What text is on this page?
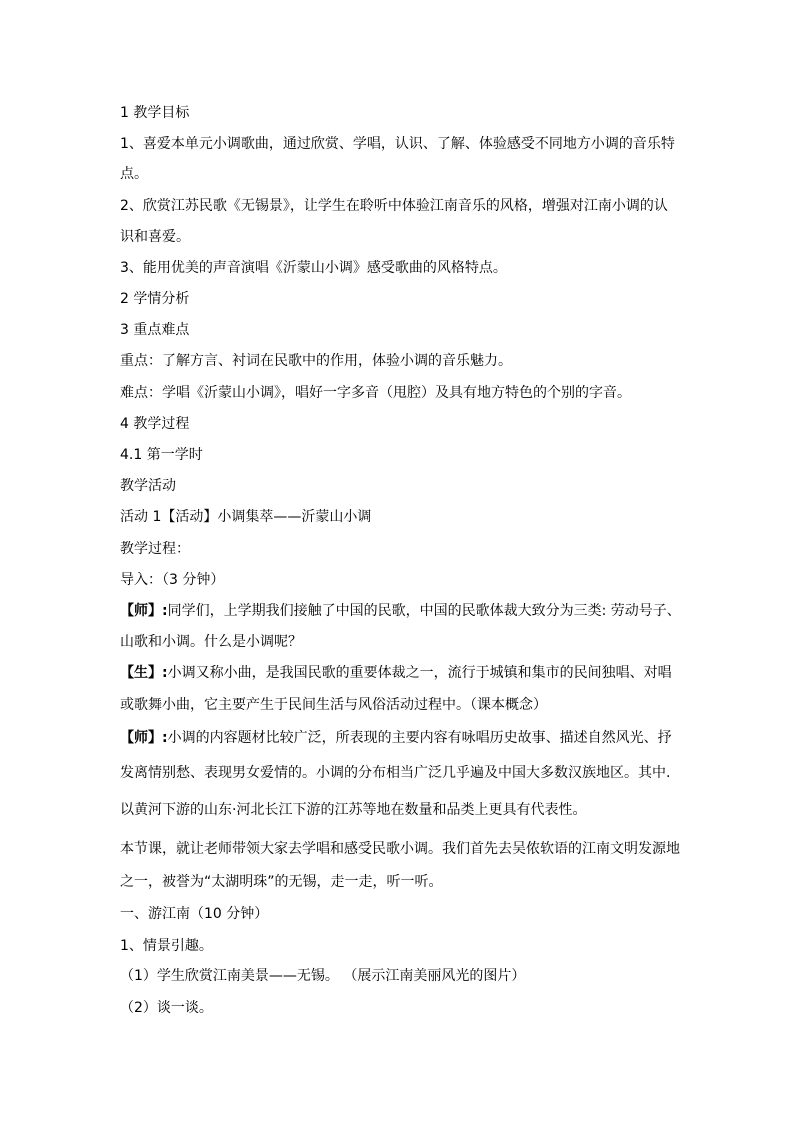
1 教学目标
1、喜爱本单元小调歌曲，通过欣赏、学唱，认识、了解、体验感受不同地方小调的音乐特
点。
2、欣赏江苏民歌《无锡景》，让学生在聆听中体验江南音乐的风格，增强对江南小调的认
识和喜爱。
3、能用优美的声音演唱《沂蒙山小调》感受歌曲的风格特点。
2 学情分析
3 重点难点
重点：了解方言、衬词在民歌中的作用，体验小调的音乐魅力。
难点：学唱《沂蒙山小调》，唱好一字多音（甩腔）及具有地方特色的个别的字音。
4 教学过程
4.1 第一学时
教学活动
活动 1【活动】小调集萃——沂蒙山小调
教学过程：
导入：（3 分钟）
【师】:同学们，上学期我们接触了中国的民歌，中国的民歌体裁大致分为三类: 劳动号子、
山歌和小调。什么是小调呢？
【生】:小调又称小曲，是我国民歌的重要体裁之一，流行于城镇和集市的民间独唱、对唱
或歌舞小曲，它主要产生于民间生活与风俗活动过程中。（课本概念）
【师】:小调的内容题材比较广泛，所表现的主要内容有咏唱历史故事、描述自然风光、抒
发离情别愁、表现男女爱情的。小调的分布相当广泛几乎遍及中国大多数汉族地区。其中.
以黄河下游的山东·河北长江下游的江苏等地在数量和品类上更具有代表性。
本节课，就让老师带领大家去学唱和感受民歌小调。我们首先去吴侬软语的江南文明发源地
之一，被誉为“太湖明珠”的无锡，走一走，听一听。
一、游江南（10 分钟）
1、情景引趣。
（1）学生欣赏江南美景——无锡。 （展示江南美丽风光的图片）
（2）谈一谈。
